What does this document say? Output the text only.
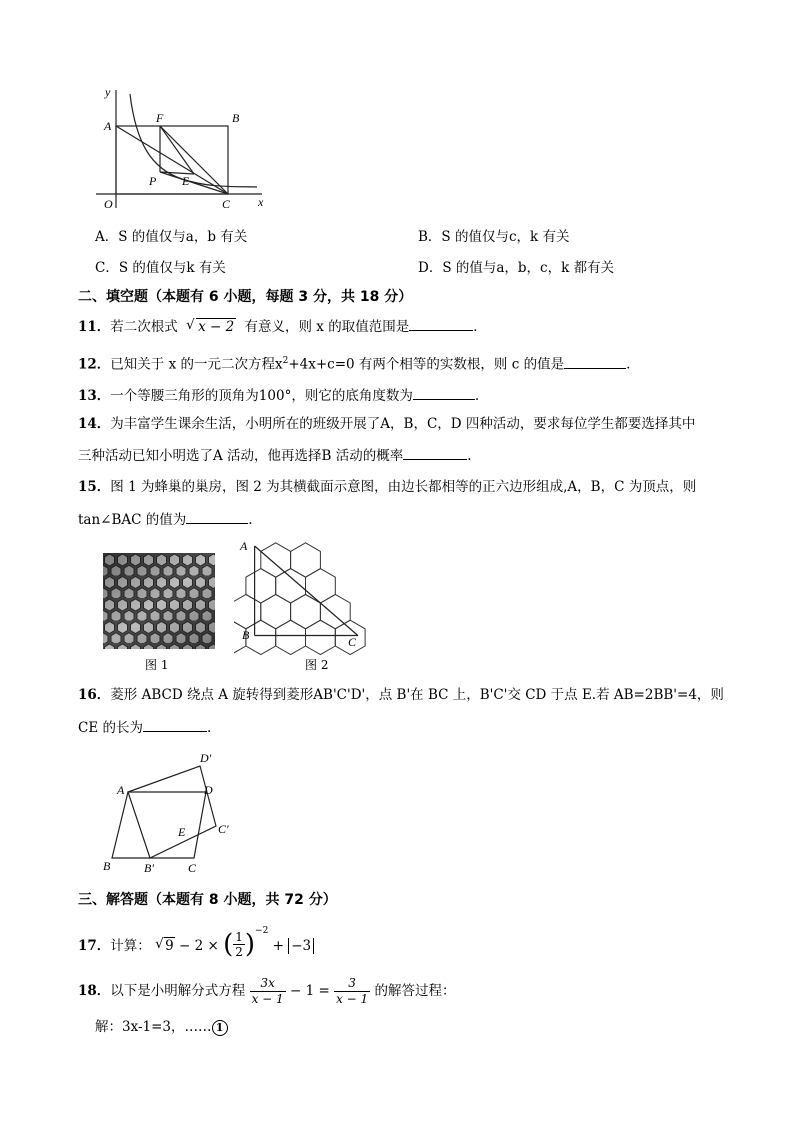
y
x
A
B
F
P E
O	C
A．S 的值仅与a，b 有关	B．S 的值仅与c，k 有关
C．S 的值仅与k 有关	D．S 的值与a，b，c，k 都有关
二、填空题（本题有 6 小题，每题 3 分，共 18 分）
11．若二次根式 √ x − 2 有意义，则 x 的取值范围是	．
12．已知关于 x 的一元二次方程$x^2+4x+c=0$ 有两个相等的实数根，则 c 的值是	.
13．一个等腰三角形的顶角为100°，则它的底角度数为	.
14．为丰富学生课余生活，小明所在的班级开展了A，B，C，D 四种活动，要求每位学生都要选择其中
三种活动已知小明选了A 活动，他再选择B 活动的概率	.
15．图 1 为蜂巢的巢房，图 2 为其横截面示意图，由边长都相等的正六边形组成,A，B，C 为顶点，则
tan∠BAC 的值为	.
图 1
A
B	C
图 2
16．菱形 ABCD 绕点 A 旋转得到菱形AB'C'D'，点 B'在 BC 上，B'C'交 CD 于点 E.若 AB=2BB'=4，则
CE 的长为	.
A
B	B′	C
C′
D
D′
E
三、解答题（本题有 8 小题，共 72 分）
17．计算： √ 9 − 2 × ( $\frac{1}{2} )^{-2} + -3$
18．以下是小明解分式方程 $\frac{3x}{x - 1} - 1 = \frac{3}{x - 1}$ 的解答过程：
解：3x-1=3，…… 1
